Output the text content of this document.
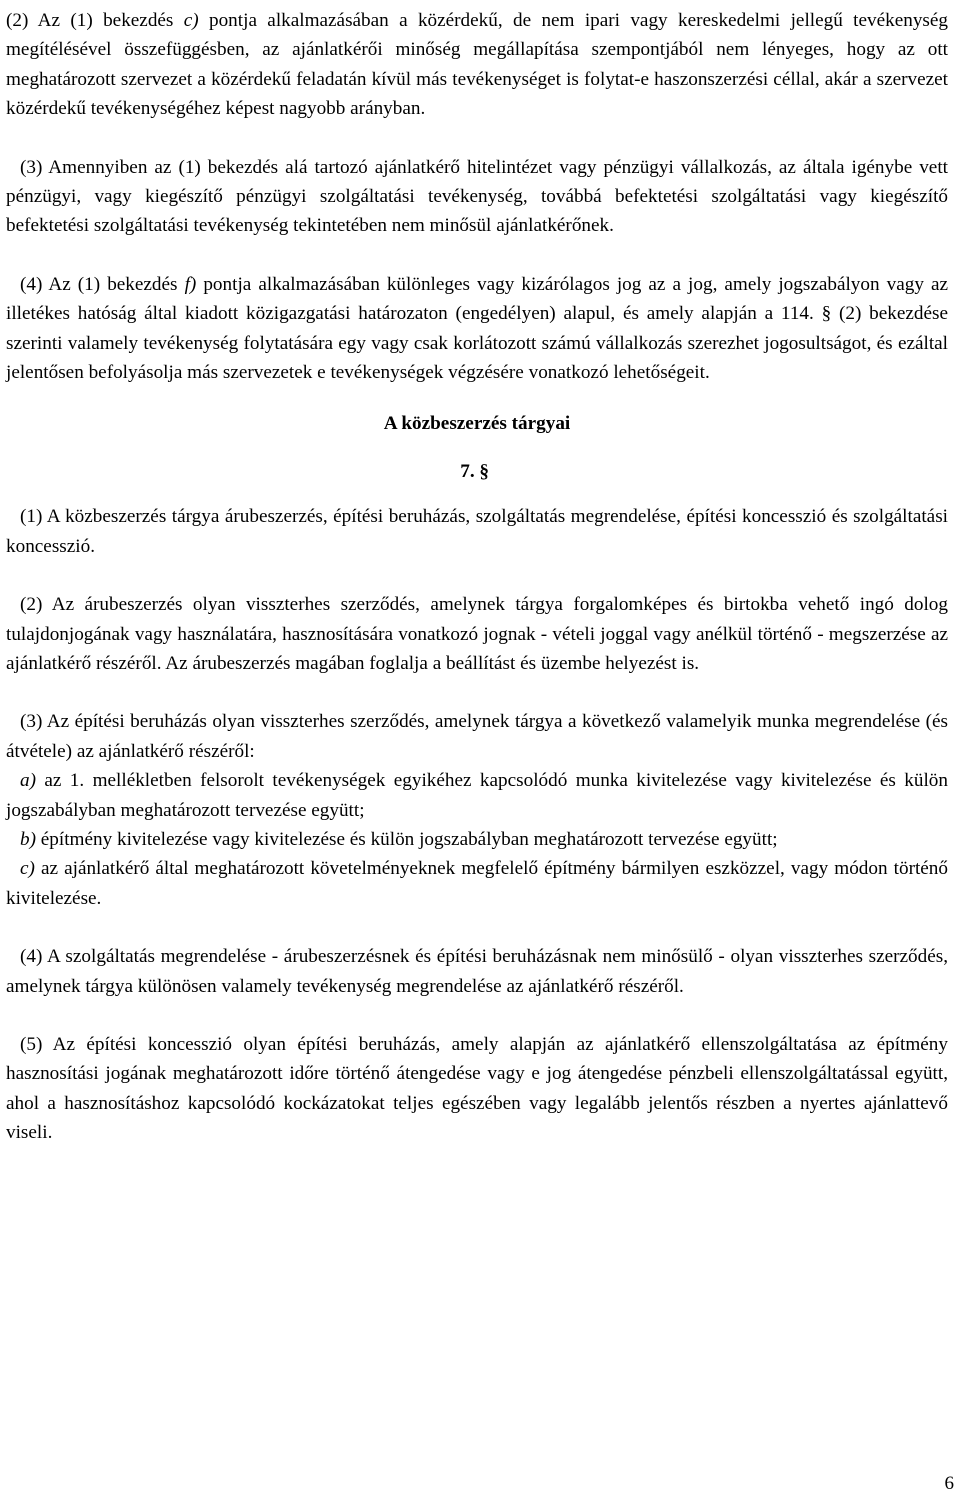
(2) Az (1) bekezdés c) pontja alkalmazásában a közérdekű, de nem ipari vagy kereskedelmi jellegű tevékenység megítélésével összefüggésben, az ajánlatkérői minőség megállapítása szempontjából nem lényeges, hogy az ott meghatározott szervezet a közérdekű feladatán kívül más tevékenységet is folytat-e haszonszerzési céllal, akár a szervezet közérdekű tevékenységéhez képest nagyobb arányban.

(3) Amennyiben az (1) bekezdés alá tartozó ajánlatkérő hitelintézet vagy pénzügyi vállalkozás, az általa igénybe vett pénzügyi, vagy kiegészítő pénzügyi szolgáltatási tevékenység, továbbá befektetési szolgáltatási vagy kiegészítő befektetési szolgáltatási tevékenység tekintetében nem minősül ajánlatkérőnek.

(4) Az (1) bekezdés f) pontja alkalmazásában különleges vagy kizárólagos jog az a jog, amely jogszabályon vagy az illetékes hatóság által kiadott közigazgatási határozaton (engedélyen) alapul, és amely alapján a 114. § (2) bekezdése szerinti valamely tevékenység folytatására egy vagy csak korlátozott számú vállalkozás szerezhet jogosultságot, és ezáltal jelentősen befolyásolja más szervezetek e tevékenységek végzésére vonatkozó lehetőségeit.

A közbeszerzés tárgyai
7. §

(1) A közbeszerzés tárgya árubeszerzés, építési beruházás, szolgáltatás megrendelése, építési koncesszió és szolgáltatási koncesszió.

(2) Az árubeszerzés olyan visszterhes szerződés, amelynek tárgya forgalomképes és birtokba vehető ingó dolog tulajdonjogának vagy használatára, hasznosítására vonatkozó jognak - vételi joggal vagy anélkül történő - megszerzése az ajánlatkérő részéről. Az árubeszerzés magában foglalja a beállítást és üzembe helyezést is.

(3) Az építési beruházás olyan visszterhes szerződés, amelynek tárgya a következő valamelyik munka megrendelése (és átvétele) az ajánlatkérő részéről:

a) az 1. mellékletben felsorolt tevékenységek egyikéhez kapcsolódó munka kivitelezése vagy kivitelezése és külön jogszabályban meghatározott tervezése együtt;

b) építmény kivitelezése vagy kivitelezése és külön jogszabályban meghatározott tervezése együtt;

c) az ajánlatkérő által meghatározott követelményeknek megfelelő építmény bármilyen eszközzel, vagy módon történő kivitelezése.

(4) A szolgáltatás megrendelése - árubeszerzésnek és építési beruházásnak nem minősülő - olyan visszterhes szerződés, amelynek tárgya különösen valamely tevékenység megrendelése az ajánlatkérő részéről.

(5) Az építési koncesszió olyan építési beruházás, amely alapján az ajánlatkérő ellenszolgáltatása az építmény hasznosítási jogának meghatározott időre történő átengedése vagy e jog átengedése pénzbeli ellenszolgáltatással együtt, ahol a hasznosításhoz kapcsolódó kockázatokat teljes egészében vagy legalább jelentős részben a nyertes ajánlattevő viseli.

6
